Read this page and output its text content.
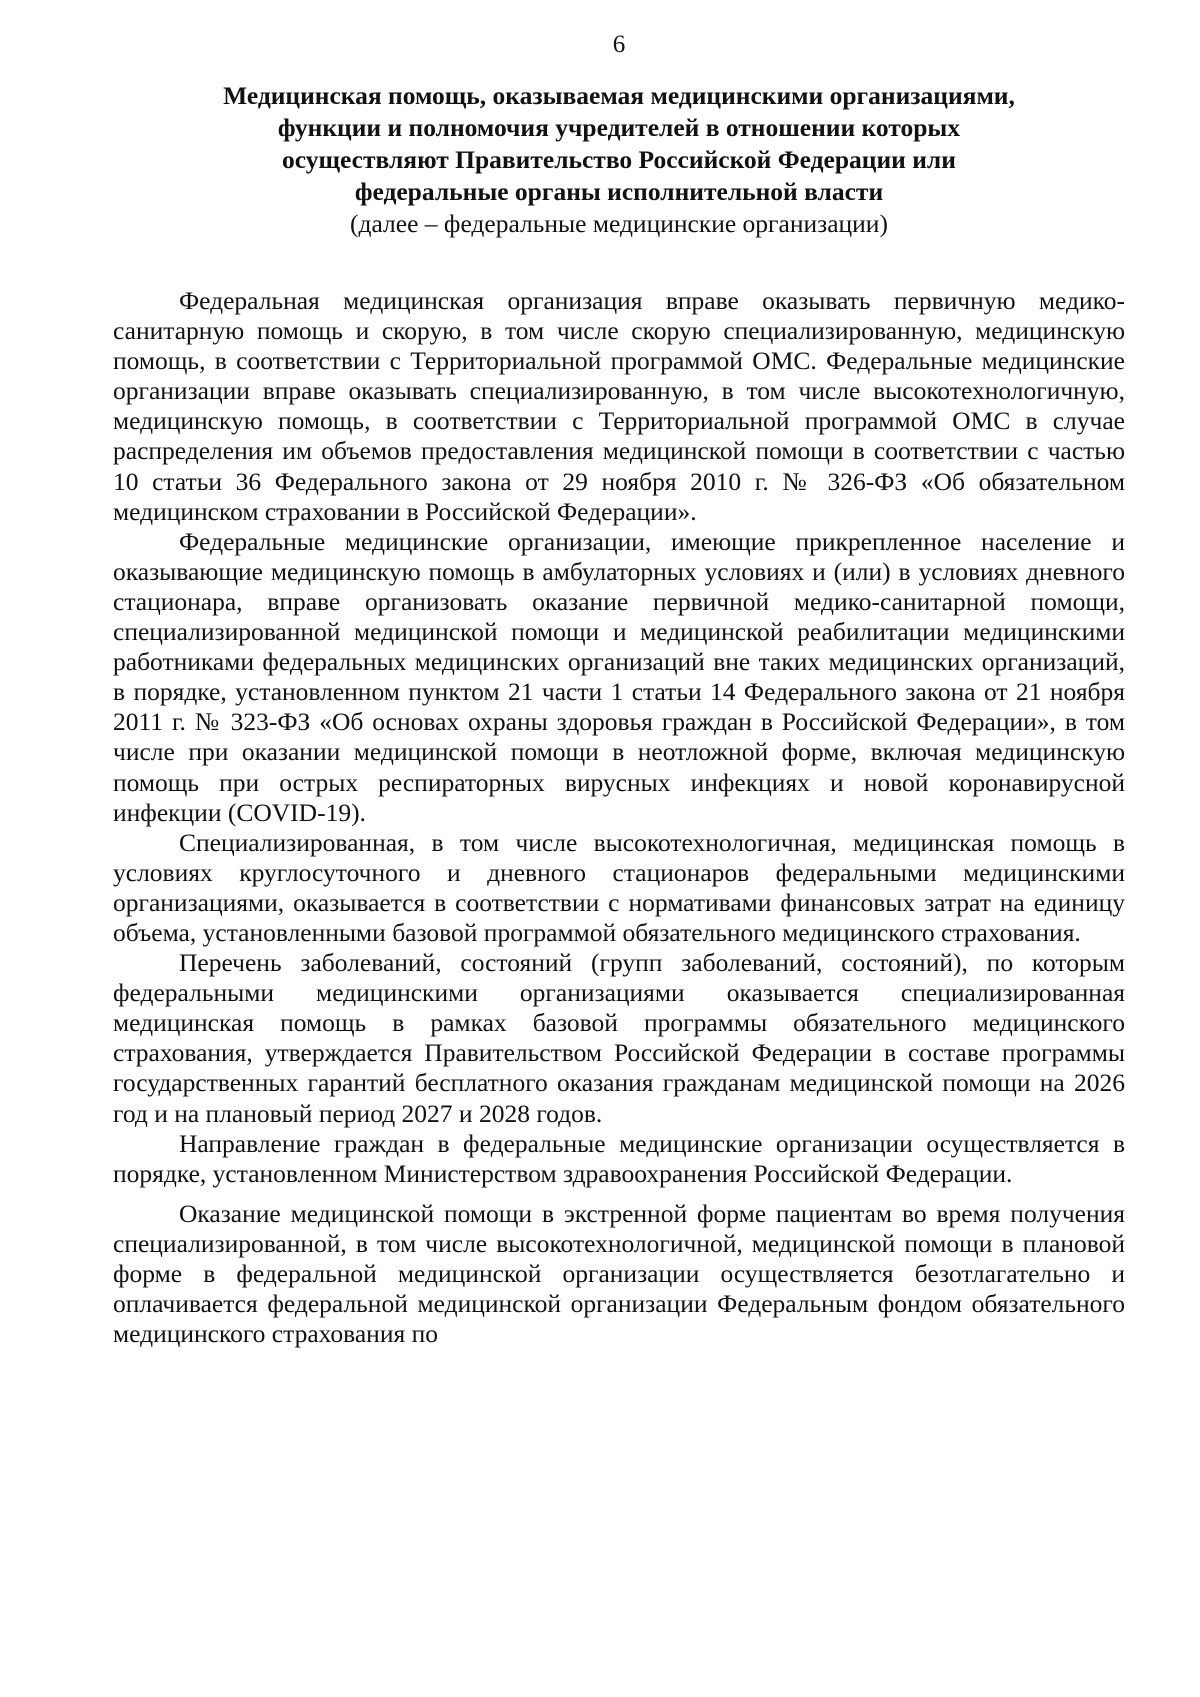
6
Медицинская помощь, оказываемая медицинскими организациями,
функции и полномочия учредителей в отношении которых
осуществляют Правительство Российской Федерации или
федеральные органы исполнительной власти
(далее – федеральные медицинские организации)

Федеральная медицинская организация вправе оказывать первичную медико-санитарную помощь и скорую, в том числе скорую специализированную, медицинскую помощь, в соответствии с Территориальной программой ОМС. Федеральные медицинские организации вправе оказывать специализированную, в том числе высокотехнологичную, медицинскую помощь, в соответствии с Территориальной программой ОМС в случае распределения им объемов предоставления медицинской помощи в соответствии с частью 10 статьи 36 Федерального закона от 29 ноября 2010 г. № 326-ФЗ «Об обязательном медицинском страховании в Российской Федерации».

Федеральные медицинские организации, имеющие прикрепленное население и оказывающие медицинскую помощь в амбулаторных условиях и (или) в условиях дневного стационара, вправе организовать оказание первичной медико-санитарной помощи, специализированной медицинской помощи и медицинской реабилитации медицинскими работниками федеральных медицинских организаций вне таких медицинских организаций, в порядке, установленном пунктом 21 части 1 статьи 14 Федерального закона от 21 ноября 2011 г. № 323-ФЗ «Об основах охраны здоровья граждан в Российской Федерации», в том числе при оказании медицинской помощи в неотложной форме, включая медицинскую помощь при острых респираторных вирусных инфекциях и новой коронавирусной инфекции (COVID-19).

Специализированная, в том числе высокотехнологичная, медицинская помощь в условиях круглосуточного и дневного стационаров федеральными медицинскими организациями, оказывается в соответствии с нормативами финансовых затрат на единицу объема, установленными базовой программой обязательного медицинского страхования.

Перечень заболеваний, состояний (групп заболеваний, состояний), по которым федеральными медицинскими организациями оказывается специализированная медицинская помощь в рамках базовой программы обязательного медицинского страхования, утверждается Правительством Российской Федерации в составе программы государственных гарантий бесплатного оказания гражданам медицинской помощи на 2026 год и на плановый период 2027 и 2028 годов.

Направление граждан в федеральные медицинские организации осуществляется в порядке, установленном Министерством здравоохранения Российской Федерации.

Оказание медицинской помощи в экстренной форме пациентам во время получения специализированной, в том числе высокотехнологичной, медицинской помощи в плановой форме в федеральной медицинской организации осуществляется безотлагательно и оплачивается федеральной медицинской организации Федеральным фондом обязательного медицинского страхования по
